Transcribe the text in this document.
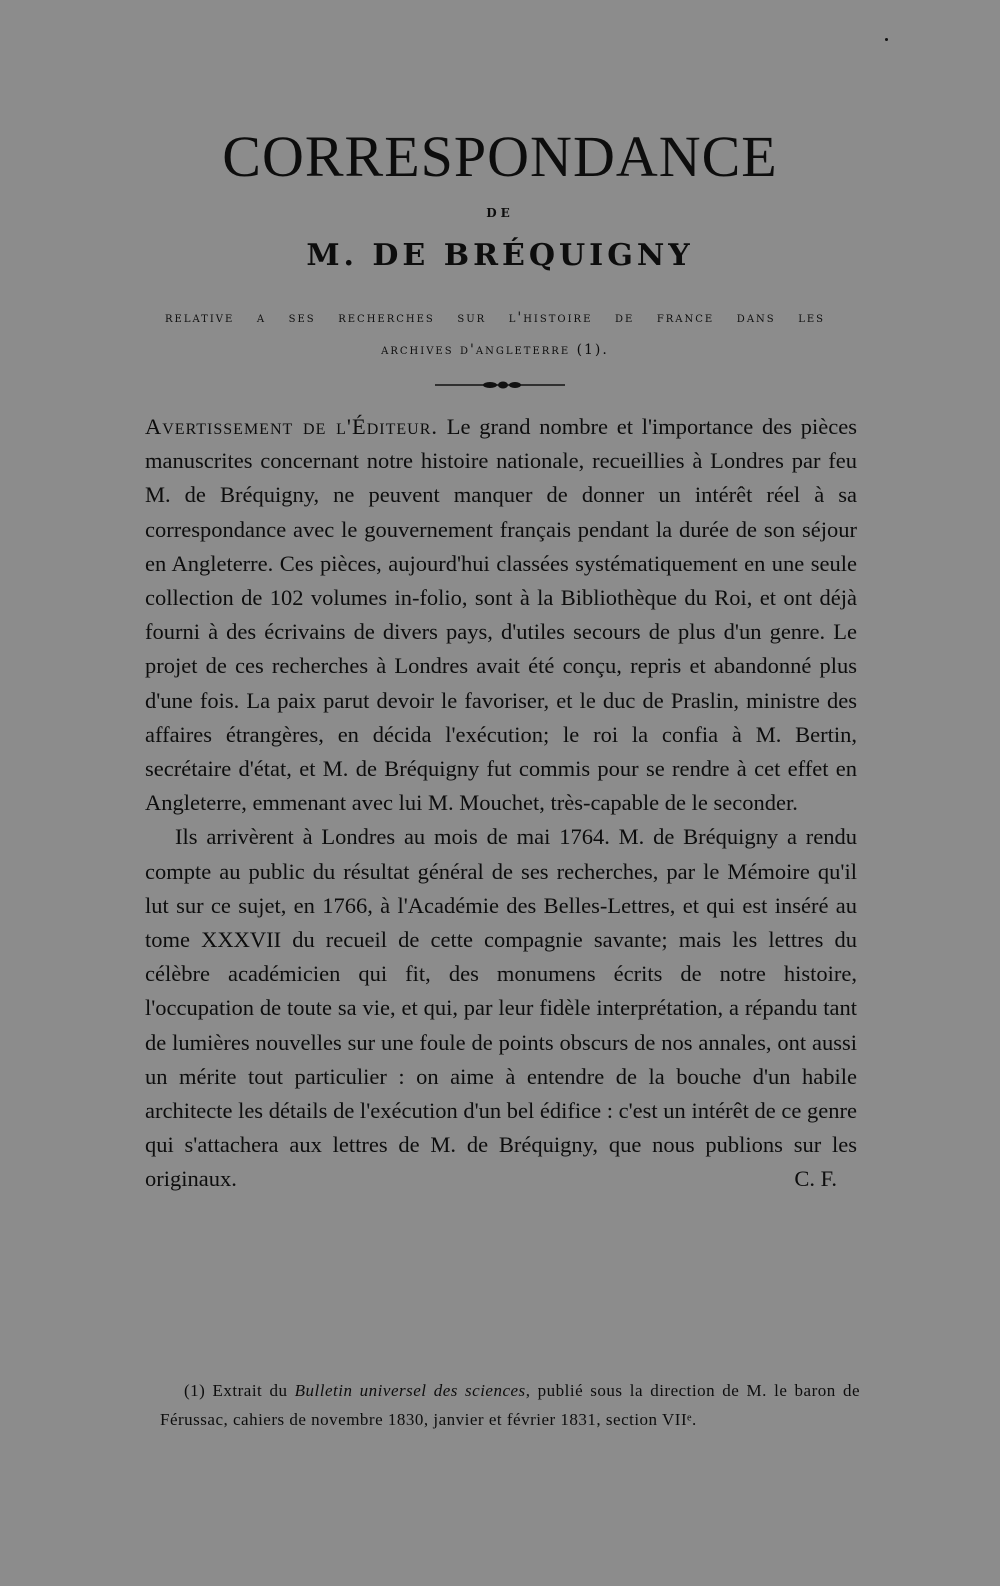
CORRESPONDANCE
DE
M. DE BRÉQUIGNY
relative a ses recherches sur l'histoire de france dans les
archives d'angleterre (1).

Avertissement de l'Éditeur. Le grand nombre et l'importance des pièces manuscrites concernant notre histoire nationale, recueillies à Londres par feu M. de Bréquigny, ne peuvent manquer de donner un intérêt réel à sa correspondance avec le gouvernement français pendant la durée de son séjour en Angleterre. Ces pièces, aujourd'hui classées systématiquement en une seule collection de 102 volumes in-folio, sont à la Bibliothèque du Roi, et ont déjà fourni à des écrivains de divers pays, d'utiles secours de plus d'un genre. Le projet de ces recherches à Londres avait été conçu, repris et abandonné plus d'une fois. La paix parut devoir le favoriser, et le duc de Praslin, ministre des affaires étrangères, en décida l'exécution; le roi la confia à M. Bertin, secrétaire d'état, et M. de Bréquigny fut commis pour se rendre à cet effet en Angleterre, emmenant avec lui M. Mouchet, très-capable de le seconder.

Ils arrivèrent à Londres au mois de mai 1764. M. de Bréquigny a rendu compte au public du résultat général de ses recherches, par le Mémoire qu'il lut sur ce sujet, en 1766, à l'Académie des Belles-Lettres, et qui est inséré au tome XXXVII du recueil de cette compagnie savante; mais les lettres du célèbre académicien qui fit, des monumens écrits de notre histoire, l'occupation de toute sa vie, et qui, par leur fidèle interprétation, a répandu tant de lumières nouvelles sur une foule de points obscurs de nos annales, ont aussi un mérite tout particulier : on aime à entendre de la bouche d'un habile architecte les détails de l'exécution d'un bel édifice : c'est un intérêt de ce genre qui s'attachera aux lettres de M. de Bréquigny, que nous publions sur les originaux.	C. F.

(1) Extrait du Bulletin universel des sciences, publié sous la direction de M. le baron de Férussac, cahiers de novembre 1830, janvier et février 1831, section VIIᵉ.
